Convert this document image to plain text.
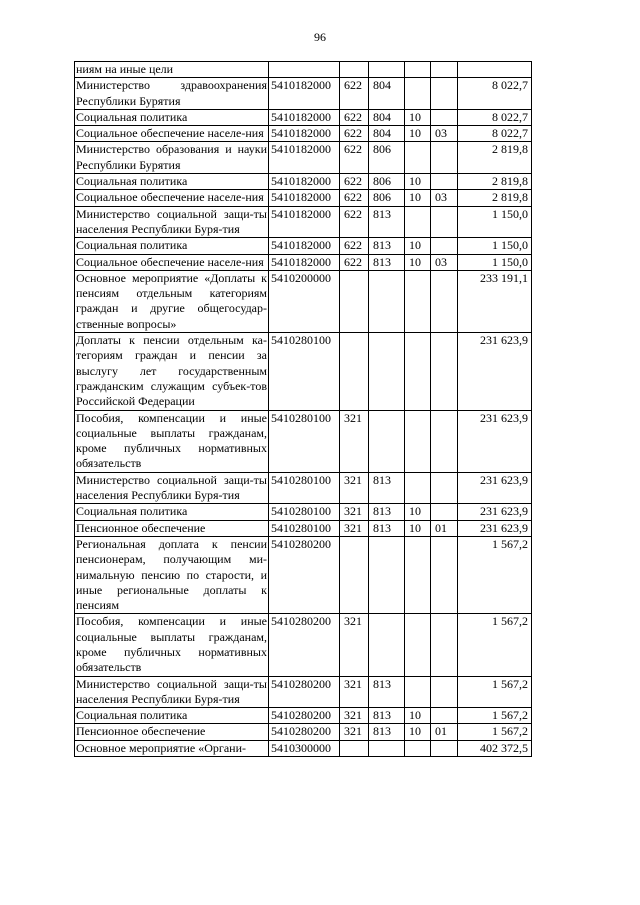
96
ниям на иные цели						
Министерство здравоохранения Республики Бурятия	5410182000	622	804			8 022,7
Социальная политика	5410182000	622	804	10		8 022,7
Социальное обеспечение населе-ния	5410182000	622	804	10	03	8 022,7
Министерство образования и науки Республики Бурятия	5410182000	622	806			2 819,8
Социальная политика	5410182000	622	806	10		2 819,8
Социальное обеспечение населе-ния	5410182000	622	806	10	03	2 819,8
Министерство социальной защи-ты населения Республики Буря-тия	5410182000	622	813			1 150,0
Социальная политика	5410182000	622	813	10		1 150,0
Социальное обеспечение населе-ния	5410182000	622	813	10	03	1 150,0
Основное мероприятие «Доплаты к пенсиям отдельным категориям граждан и другие общегосудар-ственные вопросы»	5410200000					233 191,1
Доплаты к пенсии отдельным ка-тегориям граждан и пенсии за выслугу лет государственным гражданским служащим субъек-тов Российской Федерации	5410280100					231 623,9
Пособия, компенсации и иные социальные выплаты гражданам, кроме публичных нормативных обязательств	5410280100	321				231 623,9
Министерство социальной защи-ты населения Республики Буря-тия	5410280100	321	813			231 623,9
Социальная политика	5410280100	321	813	10		231 623,9
Пенсионное обеспечение	5410280100	321	813	10	01	231 623,9
Региональная доплата к пенсии пенсионерам, получающим ми-нимальную пенсию по старости, и иные региональные доплаты к пенсиям	5410280200					1 567,2
Пособия, компенсации и иные социальные выплаты гражданам, кроме публичных нормативных обязательств	5410280200	321				1 567,2
Министерство социальной защи-ты населения Республики Буря-тия	5410280200	321	813			1 567,2
Социальная политика	5410280200	321	813	10		1 567,2
Пенсионное обеспечение	5410280200	321	813	10	01	1 567,2
Основное мероприятие «Органи-	5410300000					402 372,5
